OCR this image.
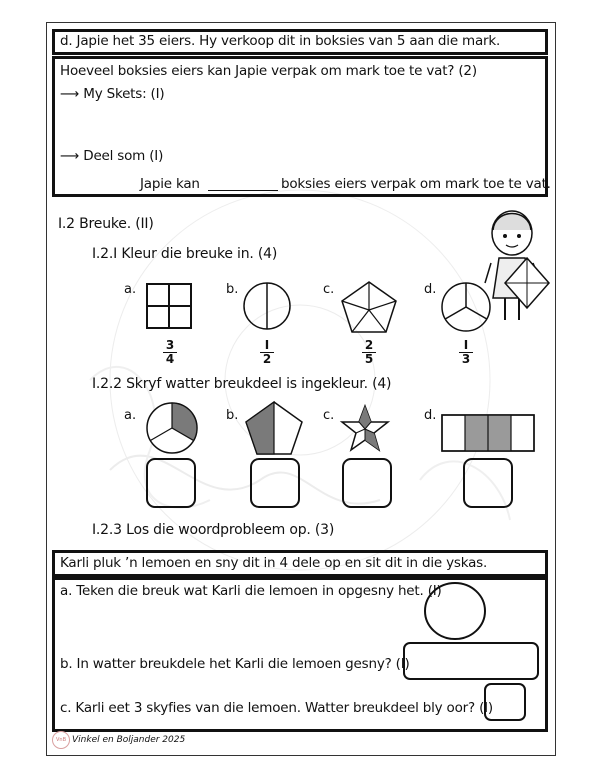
d. Japie het 35 eiers. Hy verkoop dit in boksies van 5 aan die mark.
Hoeveel boksies eiers kan Japie verpak om mark toe te vat? (2)
⟶ My Skets: (I)
⟶ Deel som (I)
Japie kan	boksies eiers verpak om mark toe te vat.
I.2 Breuke. (II)
I.2.I Kleur die breuke in. (4)
a.
3
4
b.
I
2
c.
2
5
d.
I
3
I.2.2 Skryf watter breukdeel is ingekleur. (4)
a.	b.	c.	d.
I.2.3 Los die woordprobleem op. (3)
Karli pluk ’n lemoen en sny dit in 4 dele op en sit dit in die yskas.
a. Teken die breuk wat Karli die lemoen in opgesny het. (I)
b. In watter breukdele het Karli die lemoen gesny? (I)
c. Karli eet 3 skyfies van die lemoen. Watter breukdeel bly oor? (I)
VnB Vinkel en Boljander 2025
